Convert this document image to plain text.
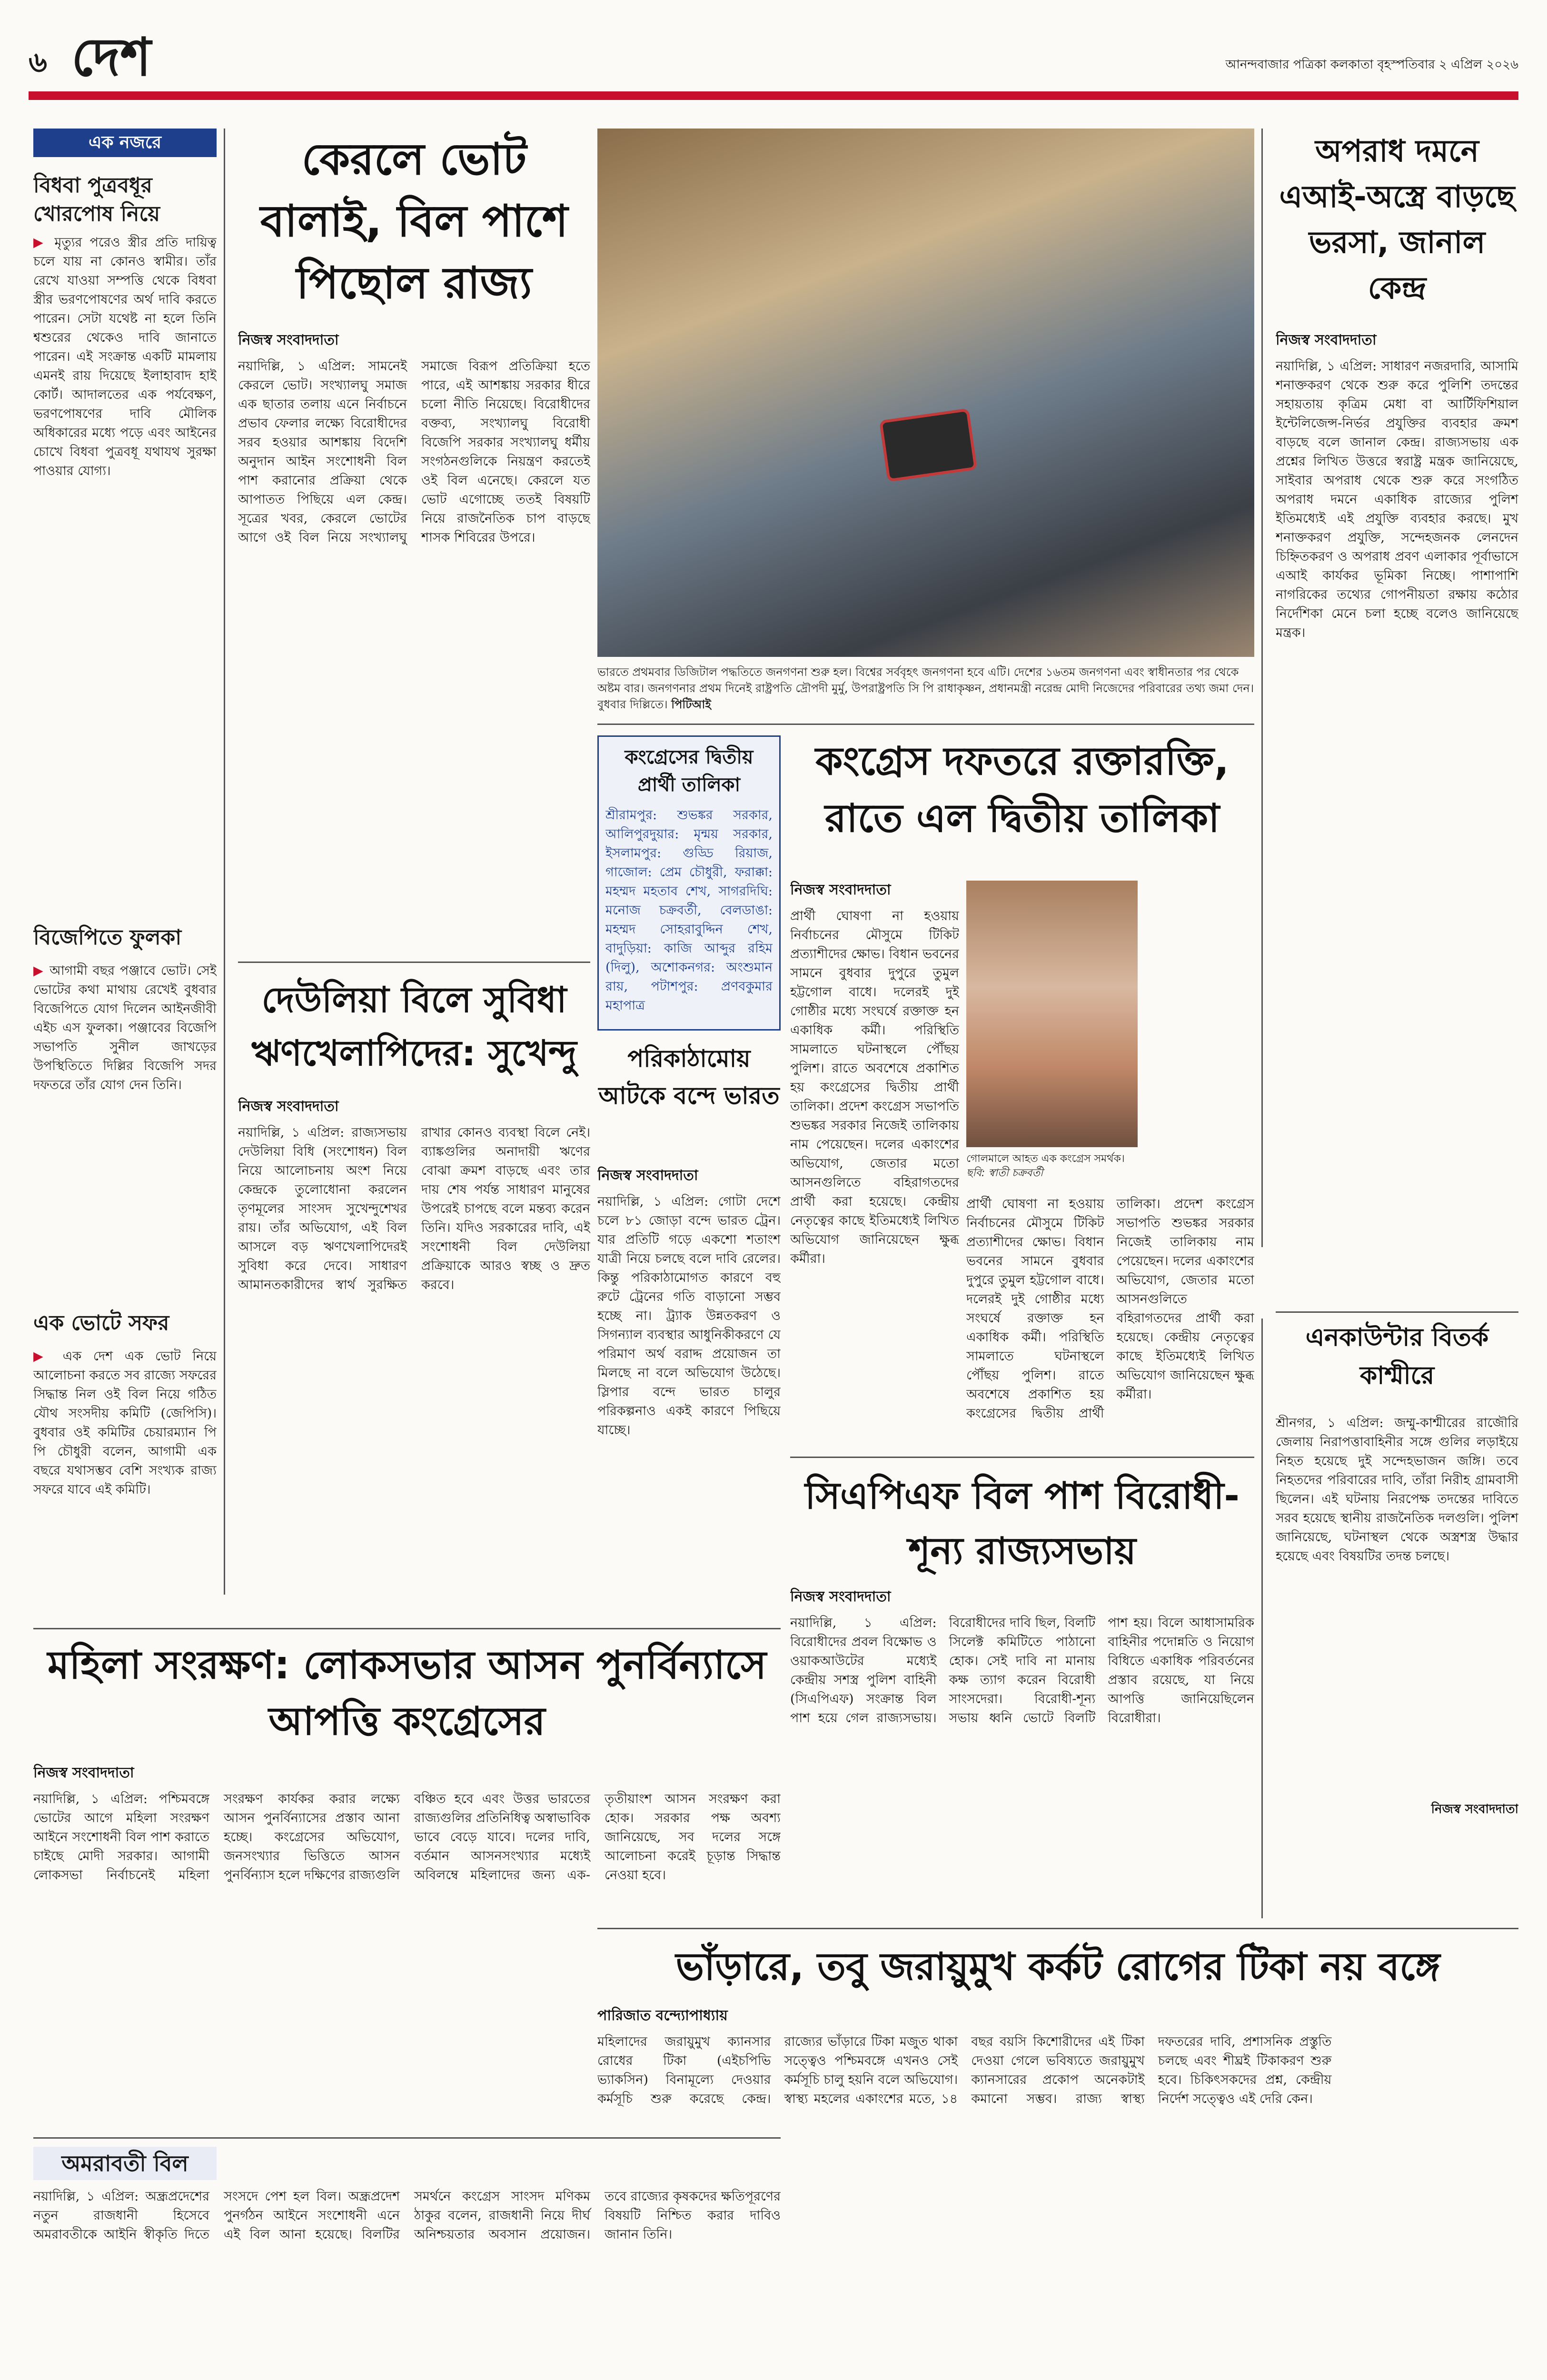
৬ দেশ	আনন্দবাজার পত্রিকা কলকাতা বৃহস্পতিবার ২ এপ্রিল ২০২৬
এক নজরে
বিধবা পুত্রবধূর খোরপোষ নিয়ে
▶ মৃত্যুর পরেও স্ত্রীর প্রতি দায়িত্ব চলে যায় না কোনও স্বামীর। তাঁর রেখে যাওয়া সম্পত্তি থেকে বিধবা স্ত্রীর ভরণপোষণের অর্থ দাবি করতে পারেন। সেটা যথেষ্ট না হলে তিনি শ্বশুরের থেকেও দাবি জানাতে পারেন। এই সংক্রান্ত একটি মামলায় এমনই রায় দিয়েছে ইলাহাবাদ হাই কোর্ট। আদালতের এক পর্যবেক্ষণ, ভরণপোষণের দাবি মৌলিক অধিকারের মধ্যে পড়ে এবং আইনের চোখে বিধবা পুত্রবধূ যথাযথ সুরক্ষা পাওয়ার যোগ্য।
বিজেপিতে ফুলকা
▶ আগামী বছর পঞ্জাবে ভোট। সেই ভোটের কথা মাথায় রেখেই বুধবার বিজেপিতে যোগ দিলেন আইনজীবী এইচ এস ফুলকা। পঞ্জাবের বিজেপি সভাপতি সুনীল জাখড়ের উপস্থিতিতে দিল্লির বিজেপি সদর দফতরে তাঁর যোগ দেন তিনি।
এক ভোটে সফর
▶ এক দেশ এক ভোট নিয়ে আলোচনা করতে সব রাজ্যে সফরের সিদ্ধান্ত নিল ওই বিল নিয়ে গঠিত যৌথ সংসদীয় কমিটি (জেপিসি)। বুধবার ওই কমিটির চেয়ারম্যান পি পি চৌধুরী বলেন, আগামী এক বছরে যথাসম্ভব বেশি সংখ্যক রাজ্য সফরে যাবে এই কমিটি।
কেরলে ভোট বালাই, বিল পাশে পিছোল রাজ্য
নিজস্ব সংবাদদাতা
নয়াদিল্লি, ১ এপ্রিল: সামনেই কেরলে ভোট। সংখ্যালঘু সমাজ এক ছাতার তলায় এনে নির্বাচনে প্রভাব ফেলার লক্ষ্যে বিরোধীদের সরব হওয়ার আশঙ্কায় বিদেশি অনুদান আইন সংশোধনী বিল পাশ করানোর প্রক্রিয়া থেকে আপাতত পিছিয়ে এল কেন্দ্র। সূত্রের খবর, কেরলে ভোটের আগে ওই বিল নিয়ে সংখ্যালঘু সমাজে বিরূপ প্রতিক্রিয়া হতে পারে, এই আশঙ্কায় সরকার ধীরে চলো নীতি নিয়েছে। বিরোধীদের বক্তব্য, সংখ্যালঘু বিরোধী বিজেপি সরকার সংখ্যালঘু ধর্মীয় সংগঠনগুলিকে নিয়ন্ত্রণ করতেই ওই বিল এনেছে। কেরলে যত ভোট এগোচ্ছে ততই বিষয়টি নিয়ে রাজনৈতিক চাপ বাড়ছে শাসক শিবিরের উপরে।
ভারতে প্রথমবার ডিজিটাল পদ্ধতিতে জনগণনা শুরু হল। বিশ্বের সর্ববৃহৎ জনগণনা হবে এটি। দেশের ১৬তম জনগণনা এবং স্বাধীনতার পর থেকে অষ্টম বার। জনগণনার প্রথম দিনেই রাষ্ট্রপতি দ্রৌপদী মুর্মু, উপরাষ্ট্রপতি সি পি রাধাকৃষ্ণন, প্রধানমন্ত্রী নরেন্দ্র মোদী নিজেদের পরিবারের তথ্য জমা দেন। বুধবার দিল্লিতে। পিটিআই
কংগ্রেসের দ্বিতীয় প্রার্থী তালিকা
শ্রীরামপুর: শুভঙ্কর সরকার, আলিপুরদুয়ার: মৃন্ময় সরকার, ইসলামপুর: গুড্ডি রিয়াজ, গাজোল: প্রেম চৌধুরী, ফরাক্কা: মহম্মদ মহতাব শেখ, সাগরদিঘি: মনোজ চক্রবর্তী, বেলডাঙা: মহম্মদ সোহরাবুদ্দিন শেখ, বাদুড়িয়া: কাজি আব্দুর রহিম (দিলু), অশোকনগর: অংশুমান রায়, পটাশপুর: প্রণবকুমার মহাপাত্র
কংগ্রেস দফতরে রক্তারক্তি, রাতে এল দ্বিতীয় তালিকা
নিজস্ব সংবাদদাতা
গোলমালে আহত এক কংগ্রেস সমর্থক। ছবি: স্বাতী চক্রবর্তী
প্রার্থী ঘোষণা না হওয়ায় নির্বাচনের মৌসুমে টিকিট প্রত্যাশীদের ক্ষোভ। বিধান ভবনের সামনে বুধবার দুপুরে তুমুল হট্টগোল বাধে। দলেরই দুই গোষ্ঠীর মধ্যে সংঘর্ষে রক্তাক্ত হন একাধিক কর্মী। পরিস্থিতি সামলাতে ঘটনাস্থলে পৌঁছয় পুলিশ। রাতে অবশেষে প্রকাশিত হয় কংগ্রেসের দ্বিতীয় প্রার্থী তালিকা। প্রদেশ কংগ্রেস সভাপতি শুভঙ্কর সরকার নিজেই তালিকায় নাম পেয়েছেন। দলের একাংশের অভিযোগ, জেতার মতো আসনগুলিতে বহিরাগতদের প্রার্থী করা হয়েছে। কেন্দ্রীয় নেতৃত্বের কাছে ইতিমধ্যেই লিখিত অভিযোগ জানিয়েছেন ক্ষুব্ধ কর্মীরা।
প্রার্থী ঘোষণা না হওয়ায় নির্বাচনের মৌসুমে টিকিট প্রত্যাশীদের ক্ষোভ। বিধান ভবনের সামনে বুধবার দুপুরে তুমুল হট্টগোল বাধে। দলেরই দুই গোষ্ঠীর মধ্যে সংঘর্ষে রক্তাক্ত হন একাধিক কর্মী। পরিস্থিতি সামলাতে ঘটনাস্থলে পৌঁছয় পুলিশ। রাতে অবশেষে প্রকাশিত হয় কংগ্রেসের দ্বিতীয় প্রার্থী তালিকা। প্রদেশ কংগ্রেস সভাপতি শুভঙ্কর সরকার নিজেই তালিকায় নাম পেয়েছেন। দলের একাংশের অভিযোগ, জেতার মতো আসনগুলিতে বহিরাগতদের প্রার্থী করা হয়েছে। কেন্দ্রীয় নেতৃত্বের কাছে ইতিমধ্যেই লিখিত অভিযোগ জানিয়েছেন ক্ষুব্ধ কর্মীরা।
অপরাধ দমনে এআই-অস্ত্রে বাড়ছে ভরসা, জানাল কেন্দ্র
নিজস্ব সংবাদদাতা
নয়াদিল্লি, ১ এপ্রিল: সাধারণ নজরদারি, আসামি শনাক্তকরণ থেকে শুরু করে পুলিশি তদন্তের সহায়তায় কৃত্রিম মেধা বা আর্টিফিশিয়াল ইন্টেলিজেন্স-নির্ভর প্রযুক্তির ব্যবহার ক্রমশ বাড়ছে বলে জানাল কেন্দ্র। রাজ্যসভায় এক প্রশ্নের লিখিত উত্তরে স্বরাষ্ট্র মন্ত্রক জানিয়েছে, সাইবার অপরাধ থেকে শুরু করে সংগঠিত অপরাধ দমনে একাধিক রাজ্যের পুলিশ ইতিমধ্যেই এই প্রযুক্তি ব্যবহার করছে। মুখ শনাক্তকরণ প্রযুক্তি, সন্দেহজনক লেনদেন চিহ্নিতকরণ ও অপরাধ প্রবণ এলাকার পূর্বাভাসে এআই কার্যকর ভূমিকা নিচ্ছে। পাশাপাশি নাগরিকের তথ্যের গোপনীয়তা রক্ষায় কঠোর নির্দেশিকা মেনে চলা হচ্ছে বলেও জানিয়েছে মন্ত্রক।
এনকাউন্টার বিতর্ক কাশ্মীরে
শ্রীনগর, ১ এপ্রিল: জম্মু-কাশ্মীরের রাজৌরি জেলায় নিরাপত্তাবাহিনীর সঙ্গে গুলির লড়াইয়ে নিহত হয়েছে দুই সন্দেহভাজন জঙ্গি। তবে নিহতদের পরিবারের দাবি, তাঁরা নিরীহ গ্রামবাসী ছিলেন। এই ঘটনায় নিরপেক্ষ তদন্তের দাবিতে সরব হয়েছে স্থানীয় রাজনৈতিক দলগুলি। পুলিশ জানিয়েছে, ঘটনাস্থল থেকে অস্ত্রশস্ত্র উদ্ধার হয়েছে এবং বিষয়টির তদন্ত চলছে।
নিজস্ব সংবাদদাতা
দেউলিয়া বিলে সুবিধা ঋণখেলাপিদের: সুখেন্দু
নিজস্ব সংবাদদাতা
নয়াদিল্লি, ১ এপ্রিল: রাজ্যসভায় দেউলিয়া বিধি (সংশোধন) বিল নিয়ে আলোচনায় অংশ নিয়ে কেন্দ্রকে তুলোধোনা করলেন তৃণমূলের সাংসদ সুখেন্দুশেখর রায়। তাঁর অভিযোগ, এই বিল আসলে বড় ঋণখেলাপিদেরই সুবিধা করে দেবে। সাধারণ আমানতকারীদের স্বার্থ সুরক্ষিত রাখার কোনও ব্যবস্থা বিলে নেই। ব্যাঙ্কগুলির অনাদায়ী ঋণের বোঝা ক্রমশ বাড়ছে এবং তার দায় শেষ পর্যন্ত সাধারণ মানুষের উপরেই চাপছে বলে মন্তব্য করেন তিনি। যদিও সরকারের দাবি, এই সংশোধনী বিল দেউলিয়া প্রক্রিয়াকে আরও স্বচ্ছ ও দ্রুত করবে।
পরিকাঠামোয় আটকে বন্দে ভারত
নিজস্ব সংবাদদাতা
নয়াদিল্লি, ১ এপ্রিল: গোটা দেশে চলে ৮১ জোড়া বন্দে ভারত ট্রেন। যার প্রতিটি গড়ে একশো শতাংশ যাত্রী নিয়ে চলছে বলে দাবি রেলের। কিন্তু পরিকাঠামোগত কারণে বহু রুটে ট্রেনের গতি বাড়ানো সম্ভব হচ্ছে না। ট্র্যাক উন্নতকরণ ও সিগন্যাল ব্যবস্থার আধুনিকীকরণে যে পরিমাণ অর্থ বরাদ্দ প্রয়োজন তা মিলছে না বলে অভিযোগ উঠেছে। স্লিপার বন্দে ভারত চালুর পরিকল্পনাও একই কারণে পিছিয়ে যাচ্ছে।
সিএপিএফ বিল পাশ বিরোধী-শূন্য রাজ্যসভায়
নিজস্ব সংবাদদাতা
নয়াদিল্লি, ১ এপ্রিল: বিরোধীদের প্রবল বিক্ষোভ ও ওয়াকআউটের মধ্যেই কেন্দ্রীয় সশস্ত্র পুলিশ বাহিনী (সিএপিএফ) সংক্রান্ত বিল পাশ হয়ে গেল রাজ্যসভায়। বিরোধীদের দাবি ছিল, বিলটি সিলেক্ট কমিটিতে পাঠানো হোক। সেই দাবি না মানায় কক্ষ ত্যাগ করেন বিরোধী সাংসদেরা। বিরোধী-শূন্য সভায় ধ্বনি ভোটে বিলটি পাশ হয়। বিলে আধাসামরিক বাহিনীর পদোন্নতি ও নিয়োগ বিধিতে একাধিক পরিবর্তনের প্রস্তাব রয়েছে, যা নিয়ে আপত্তি জানিয়েছিলেন বিরোধীরা।
মহিলা সংরক্ষণ: লোকসভার আসন পুনর্বিন্যাসে আপত্তি কংগ্রেসের
নিজস্ব সংবাদদাতা
নয়াদিল্লি, ১ এপ্রিল: পশ্চিমবঙ্গে ভোটের আগে মহিলা সংরক্ষণ আইনে সংশোধনী বিল পাশ করাতে চাইছে মোদী সরকার। আগামী লোকসভা নির্বাচনেই মহিলা সংরক্ষণ কার্যকর করার লক্ষ্যে আসন পুনর্বিন্যাসের প্রস্তাব আনা হচ্ছে। কংগ্রেসের অভিযোগ, জনসংখ্যার ভিত্তিতে আসন পুনর্বিন্যাস হলে দক্ষিণের রাজ্যগুলি বঞ্চিত হবে এবং উত্তর ভারতের রাজ্যগুলির প্রতিনিধিত্ব অস্বাভাবিক ভাবে বেড়ে যাবে। দলের দাবি, বর্তমান আসনসংখ্যার মধ্যেই অবিলম্বে মহিলাদের জন্য এক-তৃতীয়াংশ আসন সংরক্ষণ করা হোক। সরকার পক্ষ অবশ্য জানিয়েছে, সব দলের সঙ্গে আলোচনা করেই চূড়ান্ত সিদ্ধান্ত নেওয়া হবে।
অমরাবতী বিল
নয়াদিল্লি, ১ এপ্রিল: অন্ধ্রপ্রদেশের নতুন রাজধানী হিসেবে অমরাবতীকে আইনি স্বীকৃতি দিতে সংসদে পেশ হল বিল। অন্ধ্রপ্রদেশ পুনর্গঠন আইনে সংশোধনী এনে এই বিল আনা হয়েছে। বিলটির সমর্থনে কংগ্রেস সাংসদ মণিকম ঠাকুর বলেন, রাজধানী নিয়ে দীর্ঘ অনিশ্চয়তার অবসান প্রয়োজন। তবে রাজ্যের কৃষকদের ক্ষতিপূরণের বিষয়টি নিশ্চিত করার দাবিও জানান তিনি।
ভাঁড়ারে, তবু জরায়ুমুখ কর্কট রোগের টিকা নয় বঙ্গে
পারিজাত বন্দ্যোপাধ্যায়
মহিলাদের জরায়ুমুখ ক্যানসার রোধের টিকা (এইচপিভি ভ্যাকসিন) বিনামূল্যে দেওয়ার কর্মসূচি শুরু করেছে কেন্দ্র। রাজ্যের ভাঁড়ারে টিকা মজুত থাকা সত্ত্বেও পশ্চিমবঙ্গে এখনও সেই কর্মসূচি চালু হয়নি বলে অভিযোগ। স্বাস্থ্য মহলের একাংশের মতে, ১৪ বছর বয়সি কিশোরীদের এই টিকা দেওয়া গেলে ভবিষ্যতে জরায়ুমুখ ক্যানসারের প্রকোপ অনেকটাই কমানো সম্ভব। রাজ্য স্বাস্থ্য দফতরের দাবি, প্রশাসনিক প্রস্তুতি চলছে এবং শীঘ্রই টিকাকরণ শুরু হবে। চিকিৎসকদের প্রশ্ন, কেন্দ্রীয় নির্দেশ সত্ত্বেও এই দেরি কেন।
